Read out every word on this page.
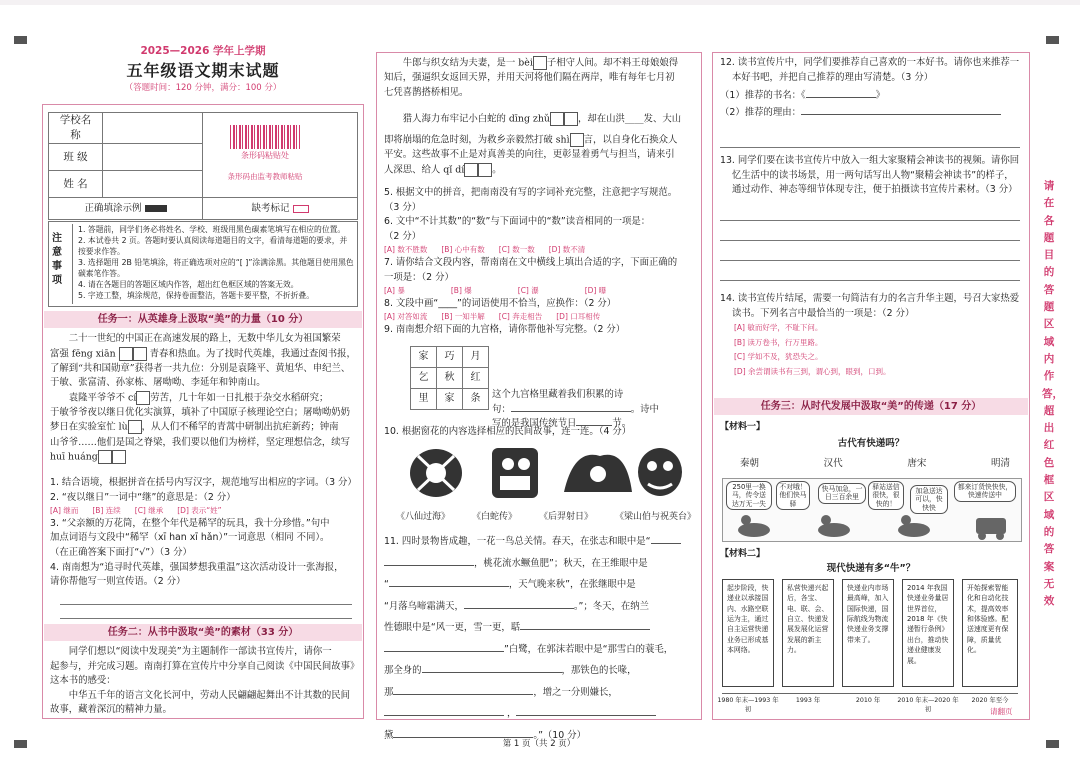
2025—2026 学年上学期
五年级语文期末试题
（答题时间：120 分钟，满分：100 分）
学校名称		
班 级		
姓 名		
正确填涂示例		缺考标记
条形码粘贴处
条形码由监考教师粘贴
注意事项
1. 答题前，同学们务必将姓名、学校、班级用黑色碳素笔填写在相应的位置。
2. 本试卷共 2 页。答题时要认真阅读每道题目的文字，看清每道题的要求，并按要求作答。
3. 选择题用 2B 铅笔填涂，将正确选项对应的“[ ]”涂满涂黑。其他题目使用黑色碳素笔作答。
4. 请在各题目的答题区域内作答，超出红色框区域的答案无效。
5. 字迹工整，填涂规范，保持卷面整洁，答题卡要平整，不折折叠。
任务一：从英雄身上汲取“美”的力量（10 分）
二十一世纪的中国正在高速发展的路上，无数中华儿女为祖国繁荣
富强 fēng xiān	青春和热血。为了找时代英雄，我通过查阅书报，
了解到“共和国勋章”获得者一共九位：分别是袁隆平、黄旭华、申纪兰、
于敏、张富清、孙家栋、屠呦呦、李延年和钟南山。
袁隆平爷爷不 cí 劳苦，几十年如一日扎根于杂交水稻研究；
于敏爷爷夜以继日优化实演算，填补了中国原子核理论空白；屠呦呦奶奶
梦日在实验室忙 lù ，从人们不稀罕的青蒿中研制出抗疟新药；钟南
山爷爷……他们是国之脊梁，我们要以他们为榜样，坚定理想信念，续写
huī huáng
1. 结合语境，根据拼音在括号内写汉字，规范地写出相应的字词。（3 分）
2. “夜以继日”一词中“继”的意思是：（2 分）
[A] 继而 [B] 连续 [C] 继承 [D] 表示“姓”
3. “父亲额的万花筒，在整个年代是稀罕的玩具，我十分珍惜。”句中
加点词语与文段中“稀罕（xī han xī hǎn）”一词意思（相同 不同）。
（在正确答案下面打“√”）（3 分）
4. 南南想为“追寻时代英雄，强国梦想我重温”这次活动设计一张海报，
请你帮他写一则宣传语。（2 分）
任务二：从书中汲取“美”的素材（33 分）
同学们想以“阅读中发现美”为主题制作一部读书宣传片，请你一
起参与，并完成习题。南南打算在宣传片中分享自己阅读《中国民间故事》
这本书的感受：
中华五千年的语言文化长河中，劳动人民翩翩起舞出不计其数的民间
故事，藏着深沉的精神力量。
牛郎与织女结为夫妻，是一 bèi 子相守人间。却不料王母娘娘得
知后，强逼织女返回天界，并用天河将他们隔在两岸，唯有每年七月初
七凭喜鹊搭桥相见。
猎人海力布牢记小白蛇的 dīng zhǔ	，却在山洪____发、大山
即将崩塌的危急时刻，为救乡亲毅然打破 shì 言，以自身化石换众人
平安。这些故事不止是对真善美的向往，更彰显着勇气与担当，请来引
人深思、给人 qǐ dí	。
5. 根据文中的拼音，把南南没有写的字词补充完整，注意把字写规范。
（3 分）
6. 文中“不计其数”的“数”与下面词中的“数”读音相同的一项是：
（2 分）
[A] 数不胜数 [B] 心中有数 [C] 数一数 [D] 数不清
7. 请你结合文段内容，帮南南在文中横线上填出合适的字，下面正确的
一项是：（2 分）
[A] 暴	[B] 爆	[C] 瀑	[D] 曝
8. 文段中画“____”的词语使用不恰当，应换作：（2 分）
[A] 对答如流 [B] 一知半解 [C] 奔走相告 [D] 口耳相传
9. 南南想介绍下面的九宫格，请你帮他补写完整。（2 分）
家	巧	月
乞	秋	红
里	家	条 这个九宫格里藏着我们积累的诗
句：	。诗中
写的是我国传统节日	节。
10. 根据窗花的内容选择相应的民间故事，连一连。（4 分）
《八仙过海》 《白蛇传》 《后羿射日》 《梁山伯与祝英台》
11. 四时景物皆成趣，一花一鸟总关情。春天，在张志和眼中是“
，桃花流水鳜鱼肥”；秋天，在王维眼中是
“	，天气晚来秋”，在张继眼中是
“月落乌啼霜满天，	。”；冬天，在纳兰
性德眼中是“风一更，雪一更，聒
”白鹭，在郭沫若眼中是“那雪白的蓑毛，
那全身的	，那铁色的长喙，
那	，增之一分则嫌长，
，
黛	。”（10 分）
第 1 页（共 2 页）
12. 读书宣传片中，同学们要推荐自己喜欢的一本好书。请你也来推荐一
本好书吧，并把自己推荐的理由写清楚。（3 分）
（1）推荐的书名：《	》
（2）推荐的理由：
13. 同学们要在读书宣传片中放入一组大家聚精会神读书的视频。请你回
忆生活中的读书场景，用一两句话写出人物“聚精会神读书”的样子，
通过动作、神态等细节体现专注，便于拍摄读书宣传片素材。（3 分）
14. 读书宣传片结尾，需要一句简洁有力的名言升华主题，号召大家热爱
读书。下列名言中最恰当的一项是：（2 分）
[A] 敏而好学，不耻下问。
[B] 读万卷书，行万里路。
[C] 学如不及，犹恐失之。
[D] 余尝谓读书有三到，谓心到，眼到，口到。
任务三：从时代发展中汲取“美”的传递（17 分）
【材料一】
古代有快递吗？
秦朝	汉代	唐宋	明清
250里一换马，传令送达万无一失
不对哦！他们快马驿
快马加急，一日三百余里
驿站送信很快，很快的！
加急送达可以，快快快
都来订货快快快，快速传送中
【材料二】
现代快递有多“牛”？
起步阶段，快递业以承接国内、水路空联运为主，通过自主运营快递业务已形成基本网络。
私营快递兴起后，各宝、电、联、会、自立、快递发展发展化运营发展的新主力。
快递业内市场最高峰，加入国际快递，国际航线为物流快递业务支撑带来了。
2014 年我国快递业务量居世界首位，2018 年《快递暂行条例》出台，推动快递业健康发展。
开始探索智能化和自动化技术，提高效率和体验感。配送速度更有保障，质量优化。
1980 年末—1993 年初
1993 年	2010 年	2010 年末—2020 年初
2020 年至今
请翻页
请在各题目的答题区域内作答，超出红色框区域的答案无效
